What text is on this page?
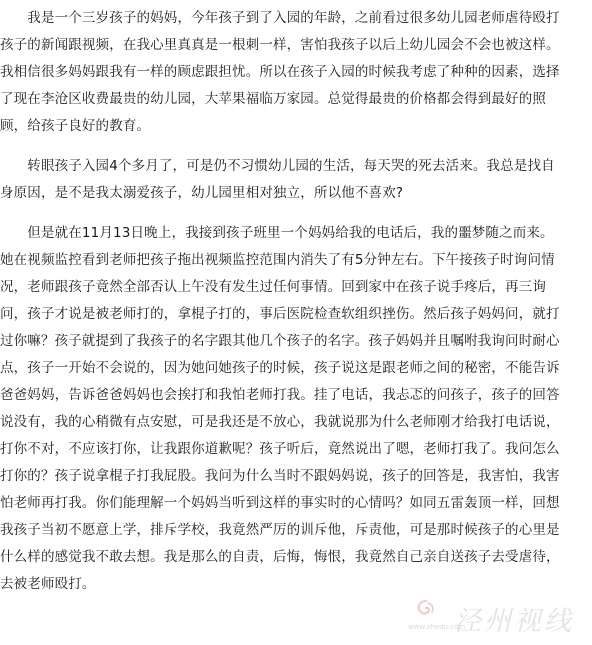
　　我是一个三岁孩子的妈妈，今年孩子到了入园的年龄，之前看过很多幼儿园老师虐待殴打
孩子的新闻跟视频，在我心里真真是一根刺一样，害怕我孩子以后上幼儿园会不会也被这样。
我相信很多妈妈跟我有一样的顾虑跟担忧。所以在孩子入园的时候我考虑了种种的因素，选择
了现在李沧区收费最贵的幼儿园，大苹果福临万家园。总觉得最贵的价格都会得到最好的照
顾，给孩子良好的教育。
　　转眼孩子入园4个多月了，可是仍不习惯幼儿园的生活，每天哭的死去活来。我总是找自
身原因，是不是我太溺爱孩子，幼儿园里相对独立，所以他不喜欢?
　　但是就在11月13日晚上，我接到孩子班里一个妈妈给我的电话后，我的噩梦随之而来。
她在视频监控看到老师把孩子拖出视频监控范围内消失了有5分钟左右。下午接孩子时询问情
况，老师跟孩子竟然全部否认上午没有发生过任何事情。回到家中在孩子说手疼后，再三询
问，孩子才说是被老师打的，拿棍子打的，事后医院检查软组织挫伤。然后孩子妈妈问，就打
过你嘛？孩子就提到了我孩子的名字跟其他几个孩子的名字。孩子妈妈并且嘱咐我询问时耐心
点，孩子一开始不会说的，因为她问她孩子的时候，孩子说这是跟老师之间的秘密，不能告诉
爸爸妈妈，告诉爸爸妈妈也会挨打和我怕老师打我。挂了电话，我忐忑的问孩子，孩子的回答
说没有，我的心稍微有点安慰，可是我还是不放心，我就说那为什么老师刚才给我打电话说，
打你不对，不应该打你，让我跟你道歉呢？孩子听后，竟然说出了嗯，老师打我了。我问怎么
打你的？孩子说拿棍子打我屁股。我问为什么当时不跟妈妈说，孩子的回答是，我害怕，我害
怕老师再打我。你们能理解一个妈妈当听到这样的事实时的心情吗？如同五雷轰顶一样，回想
我孩子当初不愿意上学，排斥学校，我竟然严厉的训斥他，斥责他，可是那时候孩子的心里是
什么样的感觉我不敢去想。我是那么的自责，后悔，悔恨，我竟然自己亲自送孩子去受虐待，
去被老师殴打。
泾州视线
www.zhedu.com
